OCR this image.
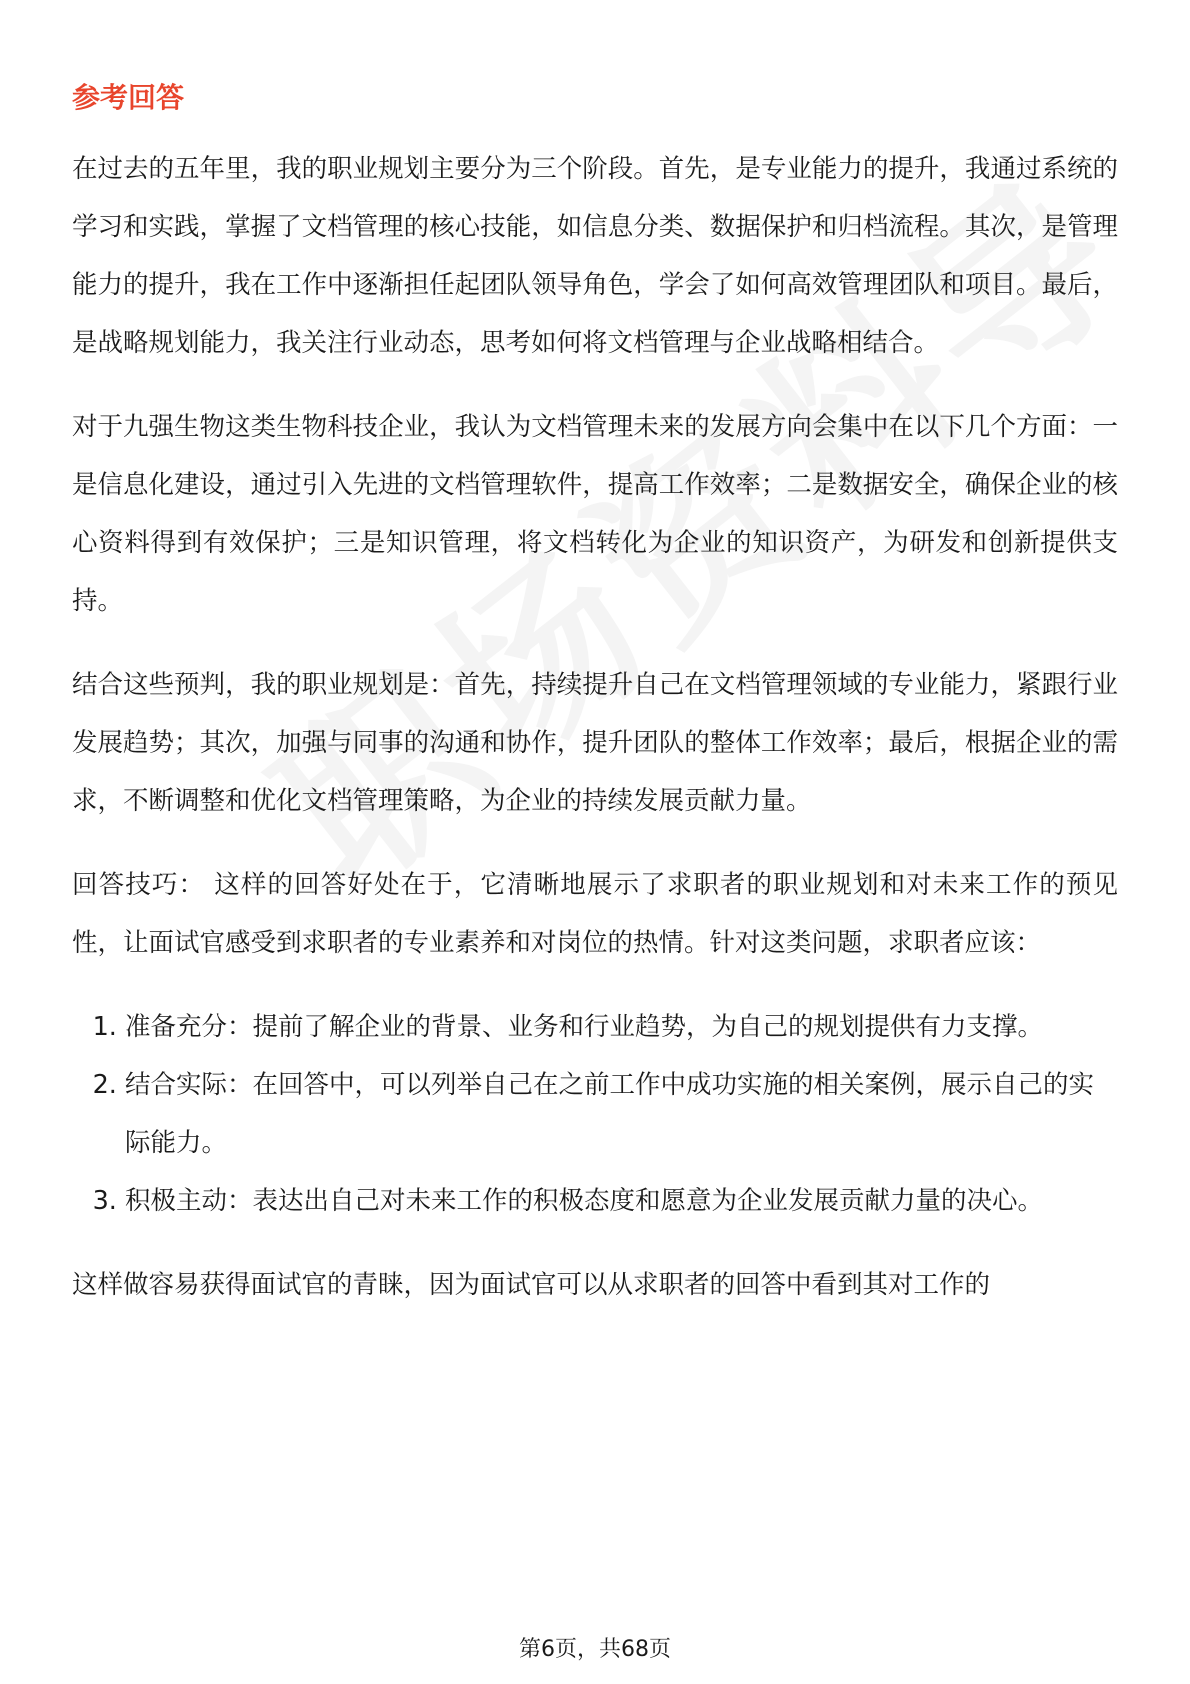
参考回答

在过去的五年里，我的职业规划主要分为三个阶段。首先，是专业能力的提升，我通过系统的学习和实践，掌握了文档管理的核心技能，如信息分类、数据保护和归档流程。其次，是管理能力的提升，我在工作中逐渐担任起团队领导角色，学会了如何高效管理团队和项目。最后，是战略规划能力，我关注行业动态，思考如何将文档管理与企业战略相结合。

对于九强生物这类生物科技企业，我认为文档管理未来的发展方向会集中在以下几个方面：一是信息化建设，通过引入先进的文档管理软件，提高工作效率；二是数据安全，确保企业的核心资料得到有效保护；三是知识管理，将文档转化为企业的知识资产，为研发和创新提供支持。

结合这些预判，我的职业规划是：首先，持续提升自己在文档管理领域的专业能力，紧跟行业发展趋势；其次，加强与同事的沟通和协作，提升团队的整体工作效率；最后，根据企业的需求，不断调整和优化文档管理策略，为企业的持续发展贡献力量。

回答技巧： 这样的回答好处在于，它清晰地展示了求职者的职业规划和对未来工作的预见性，让面试官感受到求职者的专业素养和对岗位的热情。针对这类问题，求职者应该：

1. 准备充分：提前了解企业的背景、业务和行业趋势，为自己的规划提供有力支撑。
2. 结合实际：在回答中，可以列举自己在之前工作中成功实施的相关案例，展示自己的实际能力。
3. 积极主动：表达出自己对未来工作的积极态度和愿意为企业发展贡献力量的决心。

这样做容易获得面试官的青睐，因为面试官可以从求职者的回答中看到其对工作的

第6页，共68页
